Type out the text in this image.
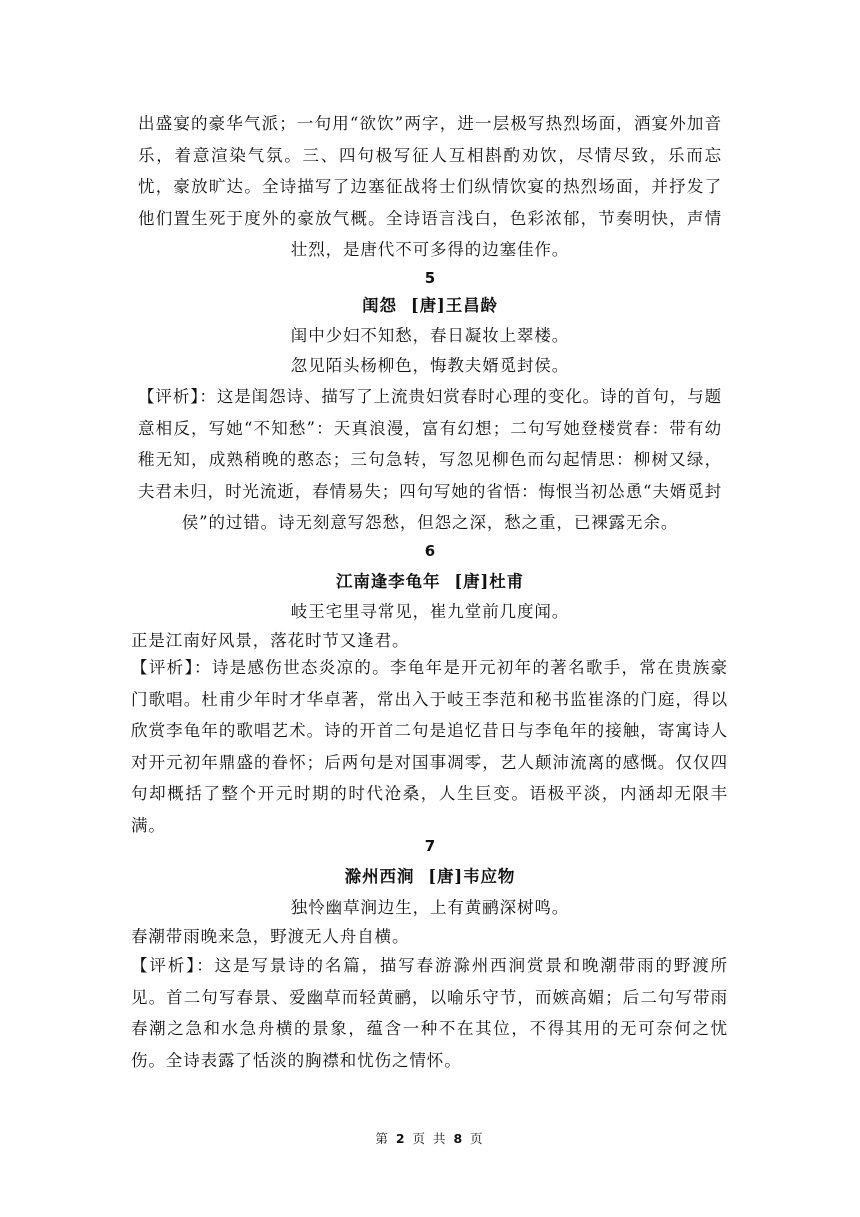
出盛宴的豪华气派；一句用“欲饮”两字，进一层极写热烈场面，酒宴外加音乐，着意渲染气氛。三、四句极写征人互相斟酌劝饮，尽情尽致，乐而忘忧，豪放旷达。全诗描写了边塞征战将士们纵情饮宴的热烈场面，并抒发了他们置生死于度外的豪放气概。全诗语言浅白，色彩浓郁，节奏明快，声情壮烈，是唐代不可多得的边塞佳作。

5
闺怨 [唐]王昌龄
闺中少妇不知愁，春日凝妆上翠楼。
忽见陌头杨柳色，悔教夫婿觅封侯。

【评析】：这是闺怨诗、描写了上流贵妇赏春时心理的变化。诗的首句，与题意相反，写她“不知愁”：天真浪漫，富有幻想；二句写她登楼赏春：带有幼稚无知，成熟稍晚的憨态；三句急转，写忽见柳色而勾起情思：柳树又绿，夫君未归，时光流逝，春情易失；四句写她的省悟：悔恨当初怂恿“夫婿觅封侯”的过错。诗无刻意写怨愁，但怨之深，愁之重，已裸露无余。

6
江南逢李龟年 [唐]杜甫
岐王宅里寻常见，崔九堂前几度闻。
正是江南好风景，落花时节又逢君。

【评析】：诗是感伤世态炎凉的。李龟年是开元初年的著名歌手，常在贵族豪门歌唱。杜甫少年时才华卓著，常出入于岐王李范和秘书监崔涤的门庭，得以欣赏李龟年的歌唱艺术。诗的开首二句是追忆昔日与李龟年的接触，寄寓诗人对开元初年鼎盛的眷怀；后两句是对国事凋零，艺人颠沛流离的感慨。仅仅四句却概括了整个开元时期的时代沧桑，人生巨变。语极平淡，内涵却无限丰满。

7
滁州西涧 [唐]韦应物
独怜幽草涧边生，上有黄鹂深树鸣。
春潮带雨晚来急，野渡无人舟自横。

【评析】：这是写景诗的名篇，描写春游滁州西涧赏景和晚潮带雨的野渡所见。首二句写春景、爱幽草而轻黄鹂，以喻乐守节，而嫉高媚；后二句写带雨春潮之急和水急舟横的景象，蕴含一种不在其位，不得其用的无可奈何之忧伤。全诗表露了恬淡的胸襟和忧伤之情怀。

第 2 页 共 8 页
